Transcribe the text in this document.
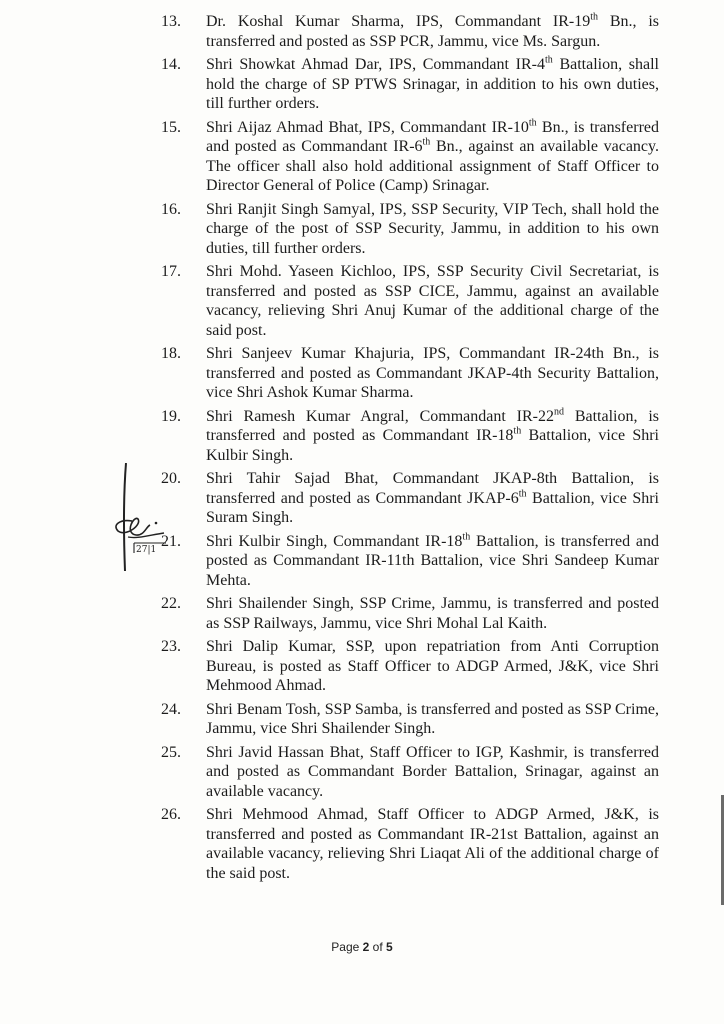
13.	Dr. Koshal Kumar Sharma, IPS, Commandant IR-19th Bn., is transferred and posted as SSP PCR, Jammu, vice Ms. Sargun.
14.	Shri Showkat Ahmad Dar, IPS, Commandant IR-4th Battalion, shall hold the charge of SP PTWS Srinagar, in addition to his own duties, till further orders.
15.	Shri Aijaz Ahmad Bhat, IPS, Commandant IR-10th Bn., is transferred and posted as Commandant IR-6th Bn., against an available vacancy. The officer shall also hold additional assignment of Staff Officer to Director General of Police (Camp) Srinagar.
16.	Shri Ranjit Singh Samyal, IPS, SSP Security, VIP Tech, shall hold the charge of the post of SSP Security, Jammu, in addition to his own duties, till further orders.
17.	Shri Mohd. Yaseen Kichloo, IPS, SSP Security Civil Secretariat, is transferred and posted as SSP CICE, Jammu, against an available vacancy, relieving Shri Anuj Kumar of the additional charge of the said post.
18.	Shri Sanjeev Kumar Khajuria, IPS, Commandant IR-24th Bn., is transferred and posted as Commandant JKAP-4th Security Battalion, vice Shri Ashok Kumar Sharma.
19.	Shri Ramesh Kumar Angral, Commandant IR-22nd Battalion, is transferred and posted as Commandant IR-18th Battalion, vice Shri Kulbir Singh.
20.	Shri Tahir Sajad Bhat, Commandant JKAP-8th Battalion, is transferred and posted as Commandant JKAP-6th Battalion, vice Shri Suram Singh.
21.	Shri Kulbir Singh, Commandant IR-18th Battalion, is transferred and posted as Commandant IR-11th Battalion, vice Shri Sandeep Kumar Mehta.
22.	Shri Shailender Singh, SSP Crime, Jammu, is transferred and posted as SSP Railways, Jammu, vice Shri Mohal Lal Kaith.
23.	Shri Dalip Kumar, SSP, upon repatriation from Anti Corruption Bureau, is posted as Staff Officer to ADGP Armed, J&K, vice Shri Mehmood Ahmad.
24.	Shri Benam Tosh, SSP Samba, is transferred and posted as SSP Crime, Jammu, vice Shri Shailender Singh.
25.	Shri Javid Hassan Bhat, Staff Officer to IGP, Kashmir, is transferred and posted as Commandant Border Battalion, Srinagar, against an available vacancy.
26.	Shri Mehmood Ahmad, Staff Officer to ADGP Armed, J&K, is transferred and posted as Commandant IR-21st Battalion, against an available vacancy, relieving Shri Liaqat Ali of the additional charge of the said post.
27|1
Page 2 of 5
